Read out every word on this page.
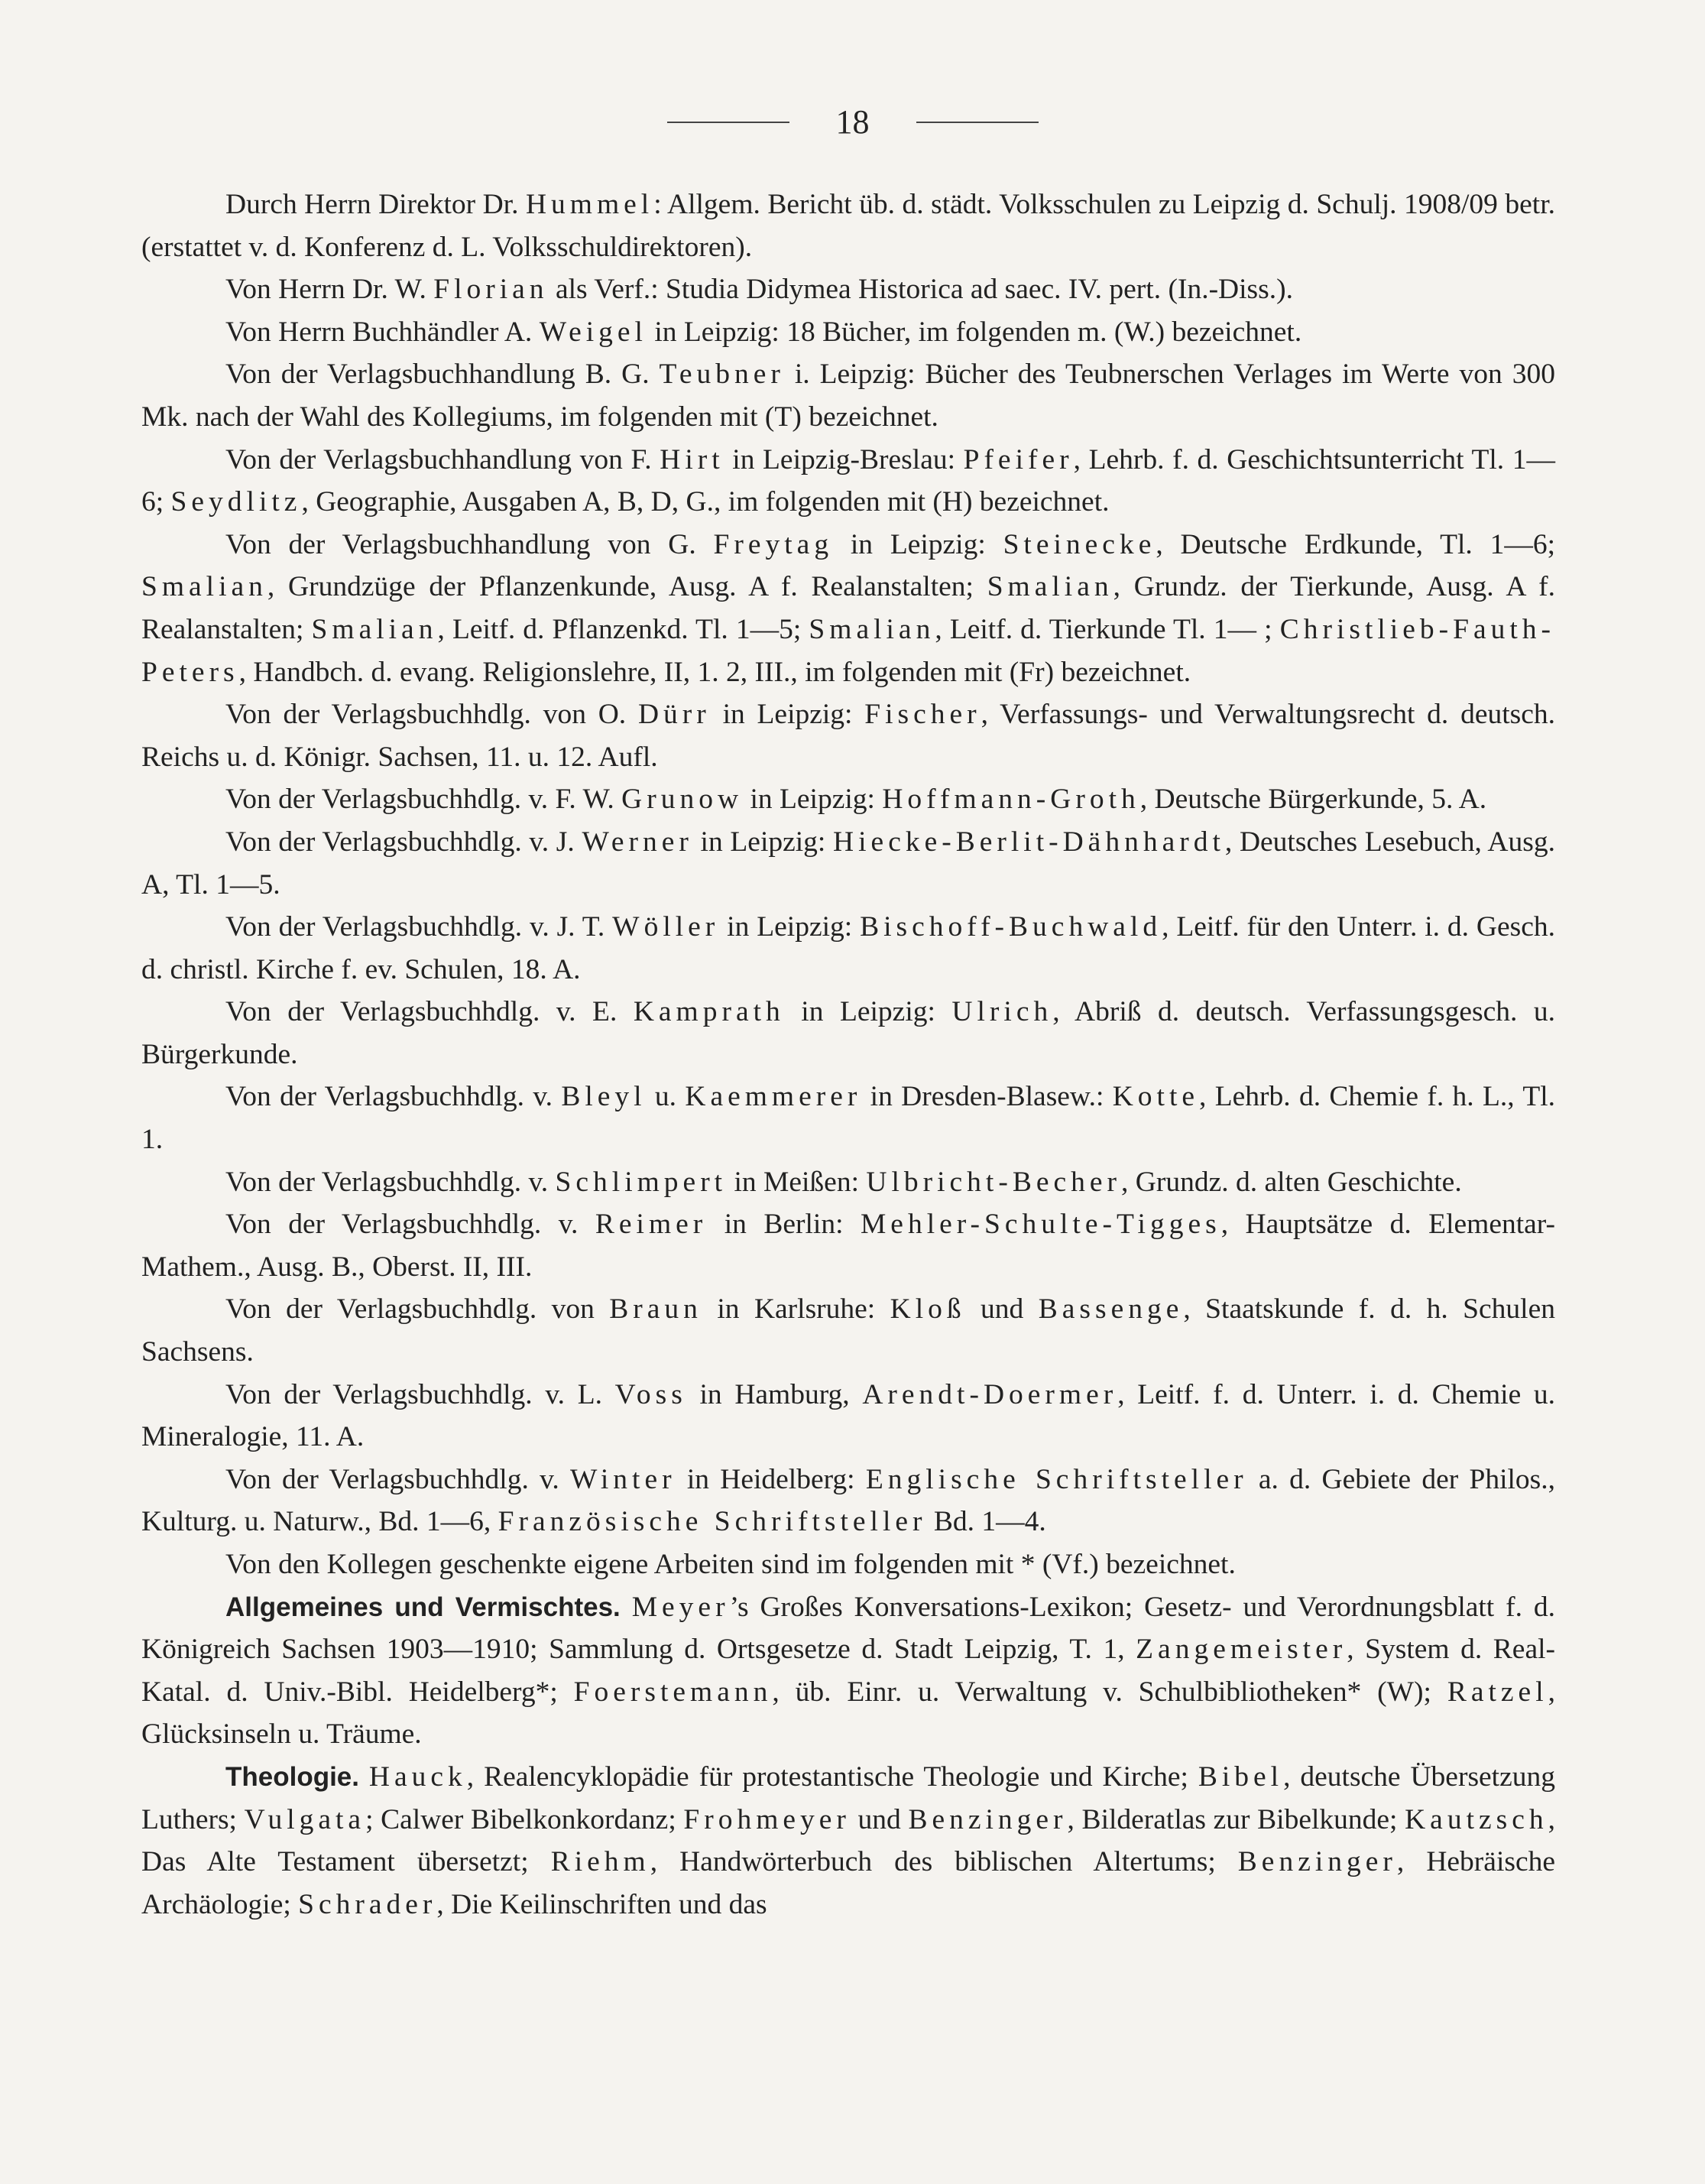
18

Durch Herrn Direktor Dr. Hummel: Allgem. Bericht üb. d. städt. Volksschulen zu Leipzig d. Schulj. 1908/09 betr. (erstattet v. d. Konferenz d. L. Volksschuldirektoren).

Von Herrn Dr. W. Florian als Verf.: Studia Didymea Historica ad saec. IV. pert. (In.-Diss.).

Von Herrn Buchhändler A. Weigel in Leipzig: 18 Bücher, im folgenden m. (W.) bezeichnet.

Von der Verlagsbuchhandlung B. G. Teubner i. Leipzig: Bücher des Teubnerschen Verlages im Werte von 300 Mk. nach der Wahl des Kollegiums, im folgenden mit (T) bezeichnet.

Von der Verlagsbuchhandlung von F. Hirt in Leipzig-Breslau: Pfeifer, Lehrb. f. d. Geschichtsunterricht Tl. 1—6; Seydlitz, Geographie, Ausgaben A, B, D, G., im folgenden mit (H) bezeichnet.

Von der Verlagsbuchhandlung von G. Freytag in Leipzig: Steinecke, Deutsche Erdkunde, Tl. 1—6; Smalian, Grundzüge der Pflanzenkunde, Ausg. A f. Realanstalten; Smalian, Grundz. der Tierkunde, Ausg. A f. Realanstalten; Smalian, Leitf. d. Pflanzenkd. Tl. 1—5; Smalian, Leitf. d. Tierkunde Tl. 1— ; Christlieb-Fauth-Peters, Handbch. d. evang. Religionslehre, II, 1. 2, III., im folgenden mit (Fr) bezeichnet.

Von der Verlagsbuchhdlg. von O. Dürr in Leipzig: Fischer, Verfassungs- und Verwaltungsrecht d. deutsch. Reichs u. d. Königr. Sachsen, 11. u. 12. Aufl.

Von der Verlagsbuchhdlg. v. F. W. Grunow in Leipzig: Hoffmann-Groth, Deutsche Bürgerkunde, 5. A.

Von der Verlagsbuchhdlg. v. J. Werner in Leipzig: Hiecke-Berlit-Dähnhardt, Deutsches Lesebuch, Ausg. A, Tl. 1—5.

Von der Verlagsbuchhdlg. v. J. T. Wöller in Leipzig: Bischoff-Buchwald, Leitf. für den Unterr. i. d. Gesch. d. christl. Kirche f. ev. Schulen, 18. A.

Von der Verlagsbuchhdlg. v. E. Kamprath in Leipzig: Ulrich, Abriß d. deutsch. Verfassungsgesch. u. Bürgerkunde.

Von der Verlagsbuchhdlg. v. Bleyl u. Kaemmerer in Dresden-Blasew.: Kotte, Lehrb. d. Chemie f. h. L., Tl. 1.

Von der Verlagsbuchhdlg. v. Schlimpert in Meißen: Ulbricht-Becher, Grundz. d. alten Geschichte.

Von der Verlagsbuchhdlg. v. Reimer in Berlin: Mehler-Schulte-Tigges, Hauptsätze d. Elementar-Mathem., Ausg. B., Oberst. II, III.

Von der Verlagsbuchhdlg. von Braun in Karlsruhe: Kloß und Bassenge, Staatskunde f. d. h. Schulen Sachsens.

Von der Verlagsbuchhdlg. v. L. Voss in Hamburg, Arendt-Doermer, Leitf. f. d. Unterr. i. d. Chemie u. Mineralogie, 11. A.

Von der Verlagsbuchhdlg. v. Winter in Heidelberg: Englische Schriftsteller a. d. Gebiete der Philos., Kulturg. u. Naturw., Bd. 1—6, Französische Schriftsteller Bd. 1—4.

Von den Kollegen geschenkte eigene Arbeiten sind im folgenden mit * (Vf.) bezeichnet.

Allgemeines und Vermischtes. Meyer’s Großes Konversations-Lexikon; Gesetz- und Verordnungsblatt f. d. Königreich Sachsen 1903—1910; Sammlung d. Ortsgesetze d. Stadt Leipzig, T. 1, Zangemeister, System d. Real-Katal. d. Univ.-Bibl. Heidelberg*; Foerstemann, üb. Einr. u. Verwaltung v. Schulbibliotheken* (W); Ratzel, Glücksinseln u. Träume.

Theologie. Hauck, Realencyklopädie für protestantische Theologie und Kirche; Bibel, deutsche Übersetzung Luthers; Vulgata; Calwer Bibelkonkordanz; Frohmeyer und Benzinger, Bilderatlas zur Bibelkunde; Kautzsch, Das Alte Testament übersetzt; Riehm, Handwörterbuch des biblischen Altertums; Benzinger, Hebräische Archäologie; Schrader, Die Keilinschriften und das
